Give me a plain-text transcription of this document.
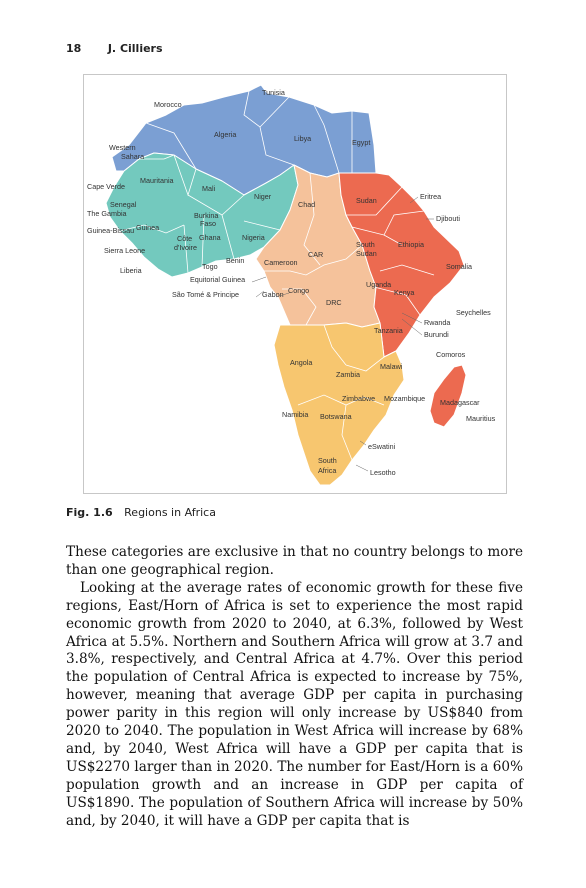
18 J. Cilliers
Morocco
Tunisia
Algeria	Libya	Egypt
Western
Sahara
Cape Verde
Mauritania
Mali
Niger
Senegal
The Gambia
Guinea-Bissau Guinea
Burkina
Faso
Côte
d'Ivoire
Ghana	Nigeria
Sierra Leone
Liberia	Togo
Benin	Cameroon
Equitorial Guinea
São Tomé & Principe	Gabon Congo
Chad
CAR
DRC
Sudan	Eritrea
Djibouti
South
Sudan
Ethiopia
Somalia
Uganda
Kenya
Seychelles
Rwanda
Burundi
Tanzania
Comoros
Angola
Zambia
Malawi
Zimbabwe Mozambique Madagascar
Mauritius
Namibia Botswana
eSwatini
South
Africa	Lesotho
Fig. 1.6 Regions in Africa

These categories are exclusive in that no country belongs to more than one geographical region.

Looking at the average rates of economic growth for these five regions, East/Horn of Africa is set to experience the most rapid economic growth from 2020 to 2040, at 6.3%, followed by West Africa at 5.5%. Northern and Southern Africa will grow at 3.7 and 3.8%, respectively, and Central Africa at 4.7%. Over this period the population of Central Africa is expected to increase by 75%, however, meaning that average GDP per capita in purchasing power parity in this region will only increase by US$840 from 2020 to 2040. The population in West Africa will increase by 68% and, by 2040, West Africa will have a GDP per capita that is US$2270 larger than in 2020. The number for East/Horn is a 60% population growth and an increase in GDP per capita of US$1890. The population of Southern Africa will increase by 50% and, by 2040, it will have a GDP per capita that is
